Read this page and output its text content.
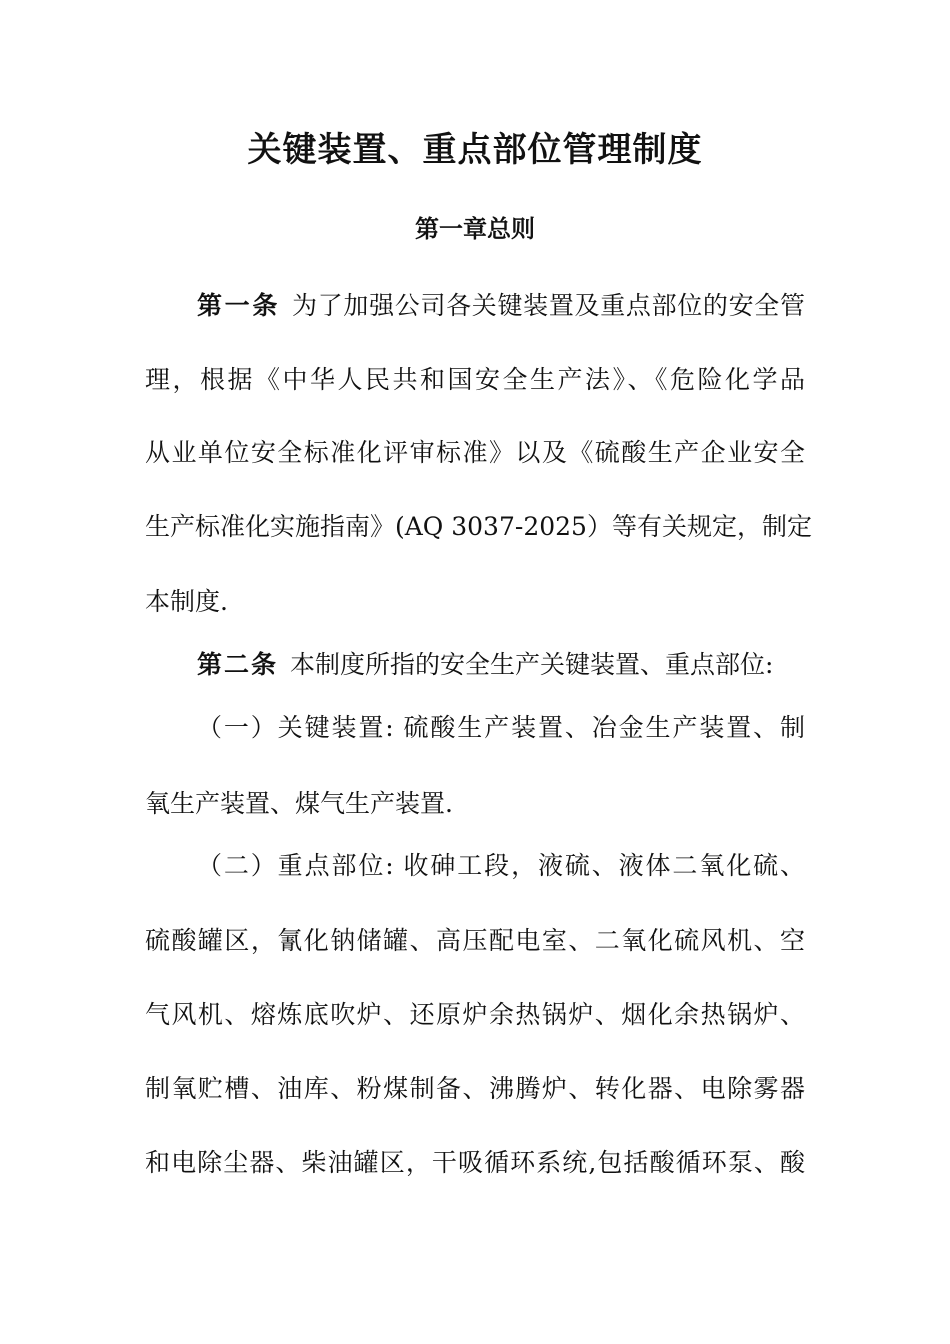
关键装置、重点部位管理制度
第一章总则

第一条 为了加强公司各关键装置及重点部位的安全管

理，根据《中华人民共和国安全生产法》、《危险化学品

从业单位安全标准化评审标准》以及《硫酸生产企业安全

生产标准化实施指南》(AQ 3037-2025）等有关规定，制定

本制度.

第二条 本制度所指的安全生产关键装置、重点部位:

（一）关键装置: 硫酸生产装置、冶金生产装置、制

氧生产装置、煤气生产装置.

（二）重点部位: 收砷工段，液硫、液体二氧化硫、

硫酸罐区，氰化钠储罐、高压配电室、二氧化硫风机、空

气风机、熔炼底吹炉、还原炉余热锅炉、烟化余热锅炉、

制氧贮槽、油库、粉煤制备、沸腾炉、转化器、电除雾器

和电除尘器、柴油罐区，干吸循环系统,包括酸循环泵、酸
